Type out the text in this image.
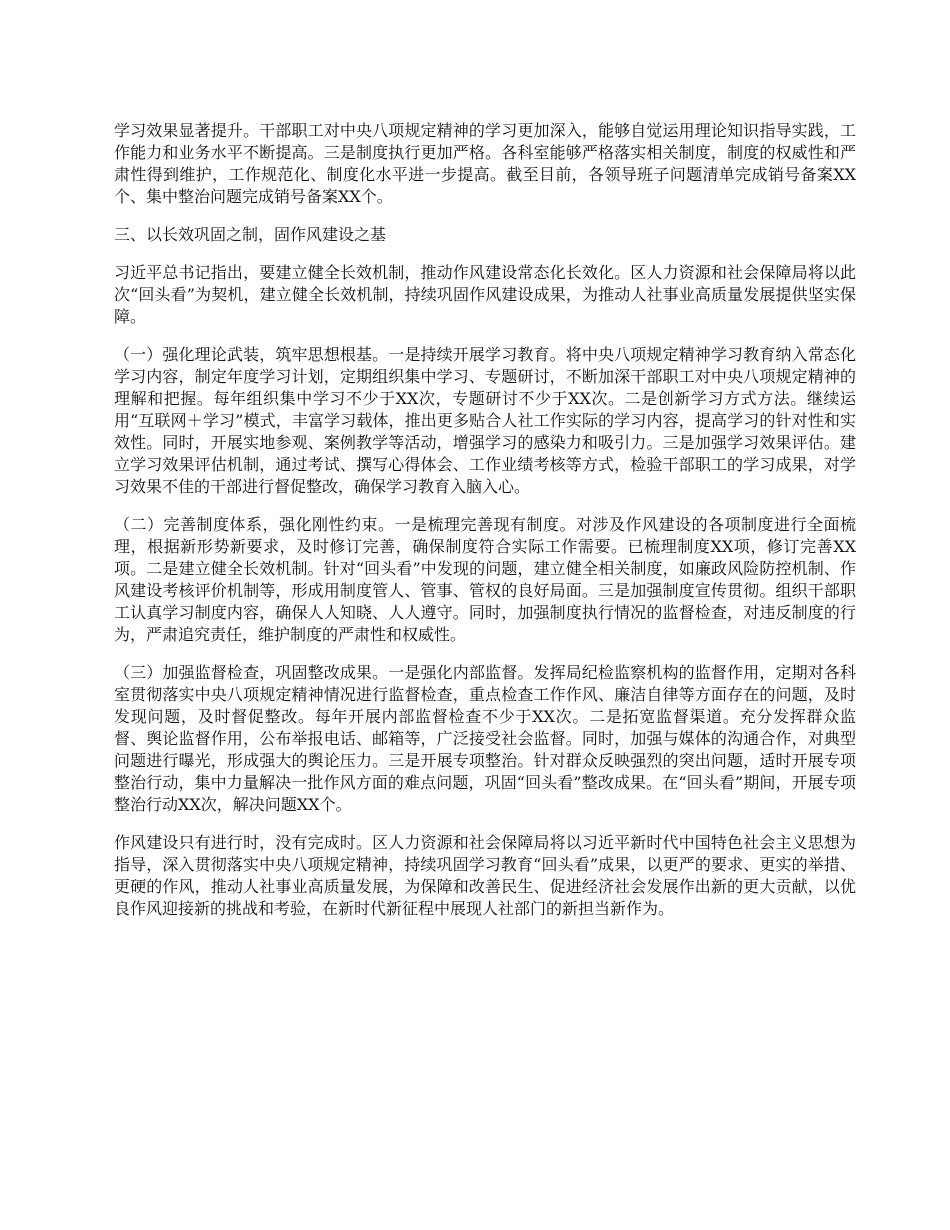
学习效果显著提升。干部职工对中央八项规定精神的学习更加深入，能够自觉运用理论知识指导实践，工作能力和业务水平不断提高。三是制度执行更加严格。各科室能够严格落实相关制度，制度的权威性和严肃性得到维护，工作规范化、制度化水平进一步提高。截至目前，各领导班子问题清单完成销号备案XX个、集中整治问题完成销号备案XX个。

三、以长效巩固之制，固作风建设之基

习近平总书记指出，要建立健全长效机制，推动作风建设常态化长效化。区人力资源和社会保障局将以此次“回头看”为契机，建立健全长效机制，持续巩固作风建设成果，为推动人社事业高质量发展提供坚实保障。

（一）强化理论武装，筑牢思想根基。一是持续开展学习教育。将中央八项规定精神学习教育纳入常态化学习内容，制定年度学习计划，定期组织集中学习、专题研讨，不断加深干部职工对中央八项规定精神的理解和把握。每年组织集中学习不少于XX次，专题研讨不少于XX次。二是创新学习方式方法。继续运用“互联网＋学习”模式，丰富学习载体，推出更多贴合人社工作实际的学习内容，提高学习的针对性和实效性。同时，开展实地参观、案例教学等活动，增强学习的感染力和吸引力。三是加强学习效果评估。建立学习效果评估机制，通过考试、撰写心得体会、工作业绩考核等方式，检验干部职工的学习成果，对学习效果不佳的干部进行督促整改，确保学习教育入脑入心。

（二）完善制度体系，强化刚性约束。一是梳理完善现有制度。对涉及作风建设的各项制度进行全面梳理，根据新形势新要求，及时修订完善，确保制度符合实际工作需要。已梳理制度XX项，修订完善XX项。二是建立健全长效机制。针对“回头看”中发现的问题，建立健全相关制度，如廉政风险防控机制、作风建设考核评价机制等，形成用制度管人、管事、管权的良好局面。三是加强制度宣传贯彻。组织干部职工认真学习制度内容，确保人人知晓、人人遵守。同时，加强制度执行情况的监督检查，对违反制度的行为，严肃追究责任，维护制度的严肃性和权威性。

（三）加强监督检查，巩固整改成果。一是强化内部监督。发挥局纪检监察机构的监督作用，定期对各科室贯彻落实中央八项规定精神情况进行监督检查，重点检查工作作风、廉洁自律等方面存在的问题，及时发现问题，及时督促整改。每年开展内部监督检查不少于XX次。二是拓宽监督渠道。充分发挥群众监督、舆论监督作用，公布举报电话、邮箱等，广泛接受社会监督。同时，加强与媒体的沟通合作，对典型问题进行曝光，形成强大的舆论压力。三是开展专项整治。针对群众反映强烈的突出问题，适时开展专项整治行动，集中力量解决一批作风方面的难点问题，巩固“回头看”整改成果。在“回头看”期间，开展专项整治行动XX次，解决问题XX个。

作风建设只有进行时，没有完成时。区人力资源和社会保障局将以习近平新时代中国特色社会主义思想为指导，深入贯彻落实中央八项规定精神，持续巩固学习教育“回头看”成果，以更严的要求、更实的举措、更硬的作风，推动人社事业高质量发展，为保障和改善民生、促进经济社会发展作出新的更大贡献，以优良作风迎接新的挑战和考验，在新时代新征程中展现人社部门的新担当新作为。
